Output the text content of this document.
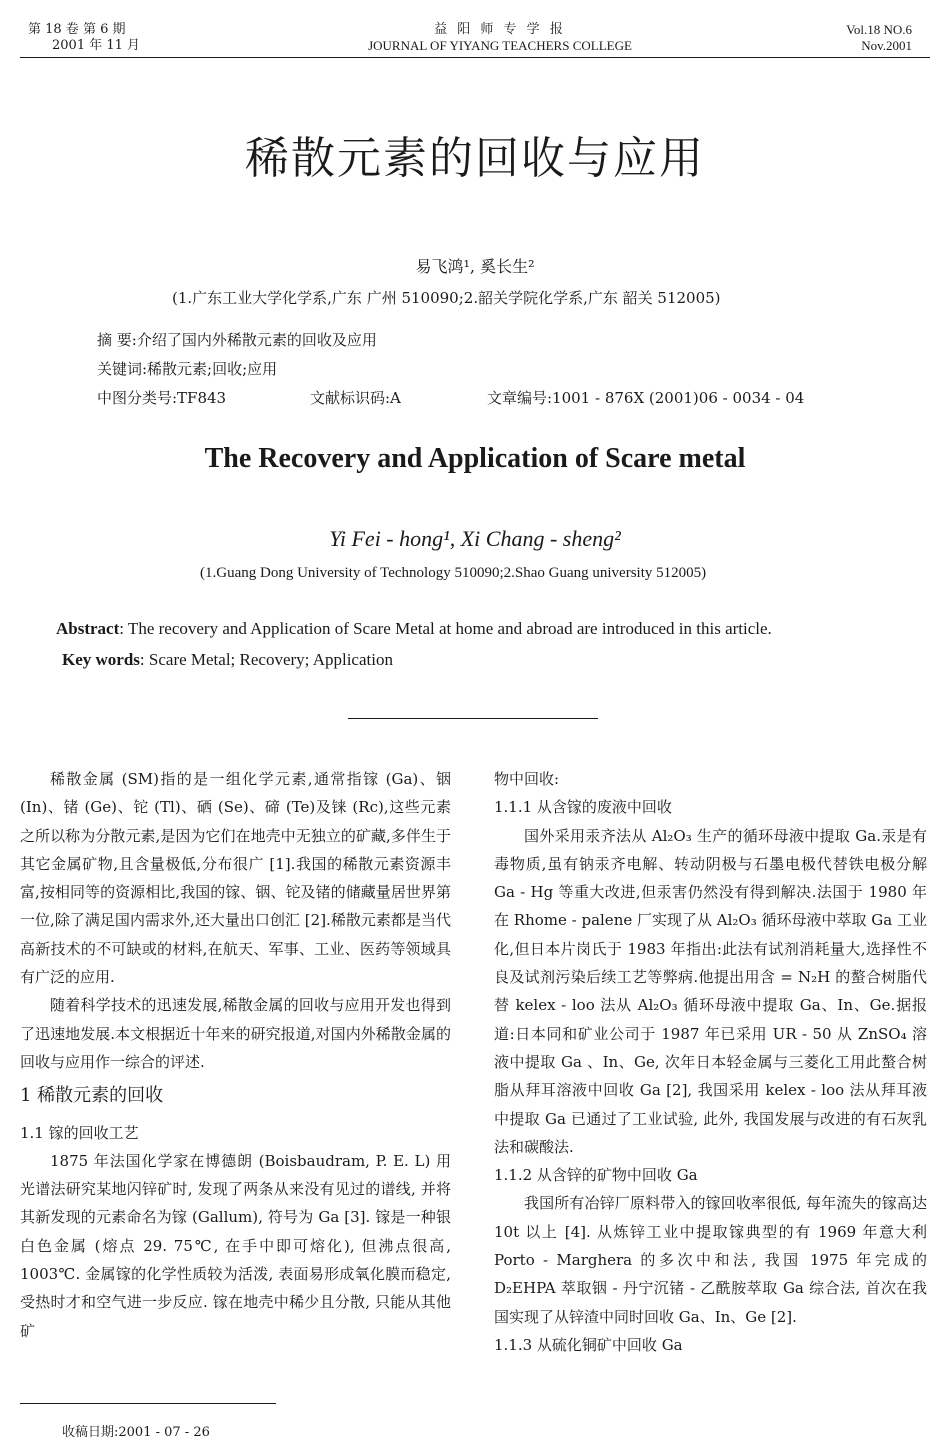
第 18 卷 第 6 期
2001 年 11 月
益 阳 师 专 学 报
JOURNAL OF YIYANG TEACHERS COLLEGE
Vol.18 NO.6
Nov.2001
稀散元素的回收与应用
易飞鸿¹, 奚长生²
(1.广东工业大学化学系,广东 广州 510090;2.韶关学院化学系,广东 韶关 512005)
摘 要:介绍了国内外稀散元素的回收及应用
关键词:稀散元素;回收;应用
中图分类号:TF843	文献标识码:A	文章编号:1001 - 876X (2001)06 - 0034 - 04
The Recovery and Application of Scare metal
Yi Fei - hong¹, Xi Chang - sheng²
(1.Guang Dong University of Technology 510090;2.Shao Guang university 512005)
Abstract: The recovery and Application of Scare Metal at home and abroad are introduced in this article.
Key words: Scare Metal; Recovery; Application

稀散金属 (SM)指的是一组化学元素,通常指镓 (Ga)、铟 (In)、锗 (Ge)、铊 (Tl)、硒 (Se)、碲 (Te)及铼 (Rc),这些元素之所以称为分散元素,是因为它们在地壳中无独立的矿藏,多伴生于其它金属矿物,且含量极低,分布很广 [1].我国的稀散元素资源丰富,按相同等的资源相比,我国的镓、铟、铊及锗的储藏量居世界第一位,除了满足国内需求外,还大量出口创汇 [2].稀散元素都是当代高新技术的不可缺或的材料,在航天、军事、工业、医药等领域具有广泛的应用.

随着科学技术的迅速发展,稀散金属的回收与应用开发也得到了迅速地发展.本文根据近十年来的研究报道,对国内外稀散金属的回收与应用作一综合的评述.

1 稀散元素的回收

1.1 镓的回收工艺

1875 年法国化学家在博德朗 (Boisbaudram, P. E. L) 用光谱法研究某地闪锌矿时, 发现了两条从来没有见过的谱线, 并将其新发现的元素命名为镓 (Gallum), 符号为 Ga [3]. 镓是一种银白色金属 (熔点 29. 75℃, 在手中即可熔化), 但沸点很高, 1003℃. 金属镓的化学性质较为活泼, 表面易形成氧化膜而稳定, 受热时才和空气进一步反应. 镓在地壳中稀少且分散, 只能从其他矿

物中回收:

1.1.1 从含镓的废液中回收

国外采用汞齐法从 Al₂O₃ 生产的循环母液中提取 Ga.汞是有毒物质,虽有钠汞齐电解、转动阴极与石墨电极代替铁电极分解 Ga - Hg 等重大改进,但汞害仍然没有得到解决.法国于 1980 年在 Rhome - palene 厂实现了从 Al₂O₃ 循环母液中萃取 Ga 工业化,但日本片岗氏于 1983 年指出:此法有试剂消耗量大,选择性不良及试剂污染后续工艺等弊病.他提出用含 = N₂H 的螯合树脂代替 kelex - loo 法从 Al₂O₃ 循环母液中提取 Ga、In、Ge.据报道:日本同和矿业公司于 1987 年已采用 UR - 50 从 ZnSO₄ 溶液中提取 Ga 、In、Ge, 次年日本轻金属与三菱化工用此螯合树脂从拜耳溶液中回收 Ga [2], 我国采用 kelex - loo 法从拜耳液中提取 Ga 已通过了工业试验, 此外, 我国发展与改进的有石灰乳法和碳酸法.

1.1.2 从含锌的矿物中回收 Ga

我国所有冶锌厂原料带入的镓回收率很低, 每年流失的镓高达 10t 以上 [4]. 从炼锌工业中提取镓典型的有 1969 年意大利 Porto - Marghera 的多次中和法, 我国 1975 年完成的 D₂EHPA 萃取铟 - 丹宁沉锗 - 乙酰胺萃取 Ga 综合法, 首次在我国实现了从锌渣中同时回收 Ga、In、Ge [2].

1.1.3 从硫化铜矿中回收 Ga

收稿日期:2001 - 07 - 26
